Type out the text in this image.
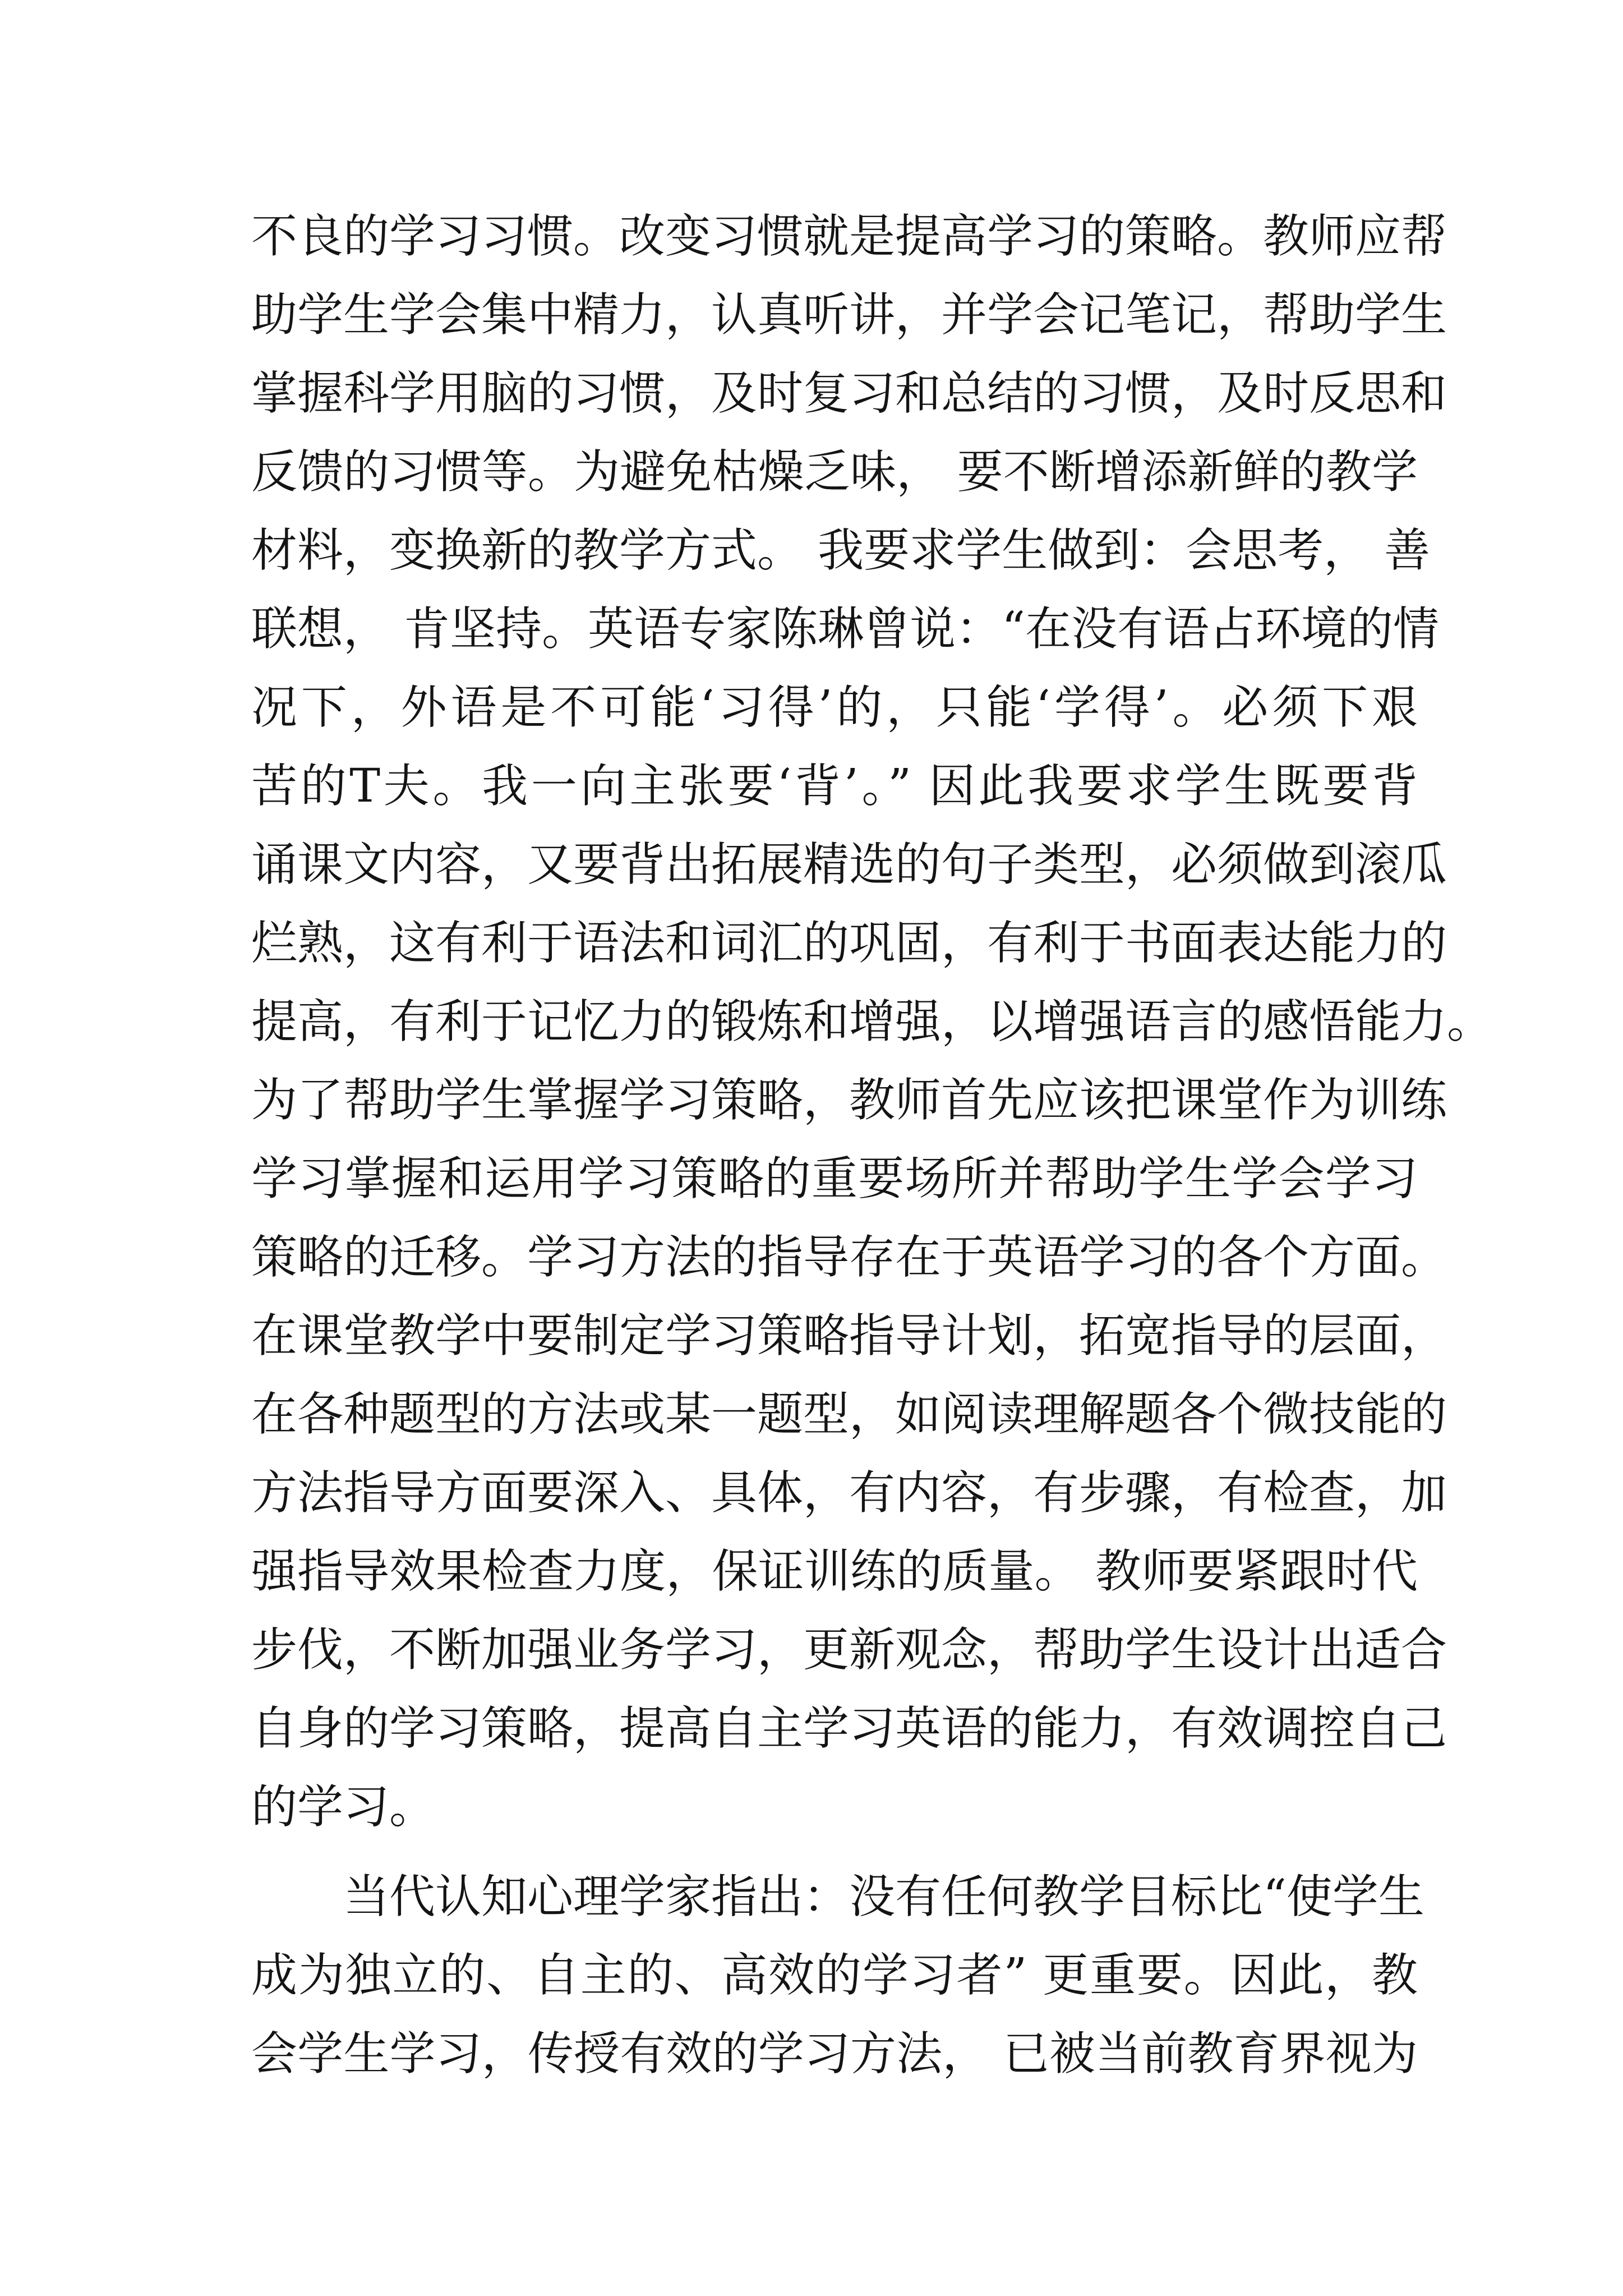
不良的学习习惯。改变习惯就是提高学习的策略。教师应帮
助学生学会集中精力，认真听讲，并学会记笔记，帮助学生
掌握科学用脑的习惯，及时复习和总结的习惯，及时反思和
反馈的习惯等。为避免枯燥乏味， 要不断增添新鲜的教学
材料，变换新的教学方式。 我要求学生做到：会思考， 善
联想， 肯坚持。英语专家陈琳曾说：“在没有语占环境的情
况下，外语是不可能‘习得’的，只能‘学得’。必须下艰
苦的T夫。我一向主张要‘背’。” 因此我要求学生既要背
诵课文内容，又要背出拓展精选的句子类型，必须做到滚瓜
烂熟，这有利于语法和词汇的巩固，有利于书面表达能力的
提高，有利于记忆力的锻炼和增强，以增强语言的感悟能力。
为了帮助学生掌握学习策略，教师首先应该把课堂作为训练
学习掌握和运用学习策略的重要场所并帮助学生学会学习
策略的迁移。学习方法的指导存在于英语学习的各个方面。
在课堂教学中要制定学习策略指导计划，拓宽指导的层面，
在各种题型的方法或某一题型，如阅读理解题各个微技能的
方法指导方面要深入、具体，有内容，有步骤，有检查，加
强指导效果检查力度，保证训练的质量。 教师要紧跟时代
步伐，不断加强业务学习，更新观念，帮助学生设计出适合
自身的学习策略，提高自主学习英语的能力，有效调控自己
的学习。
当代认知心理学家指出：没有任何教学目标比“使学生
成为独立的、自主的、高效的学习者” 更重要。因此，教
会学生学习，传授有效的学习方法， 已被当前教育界视为
